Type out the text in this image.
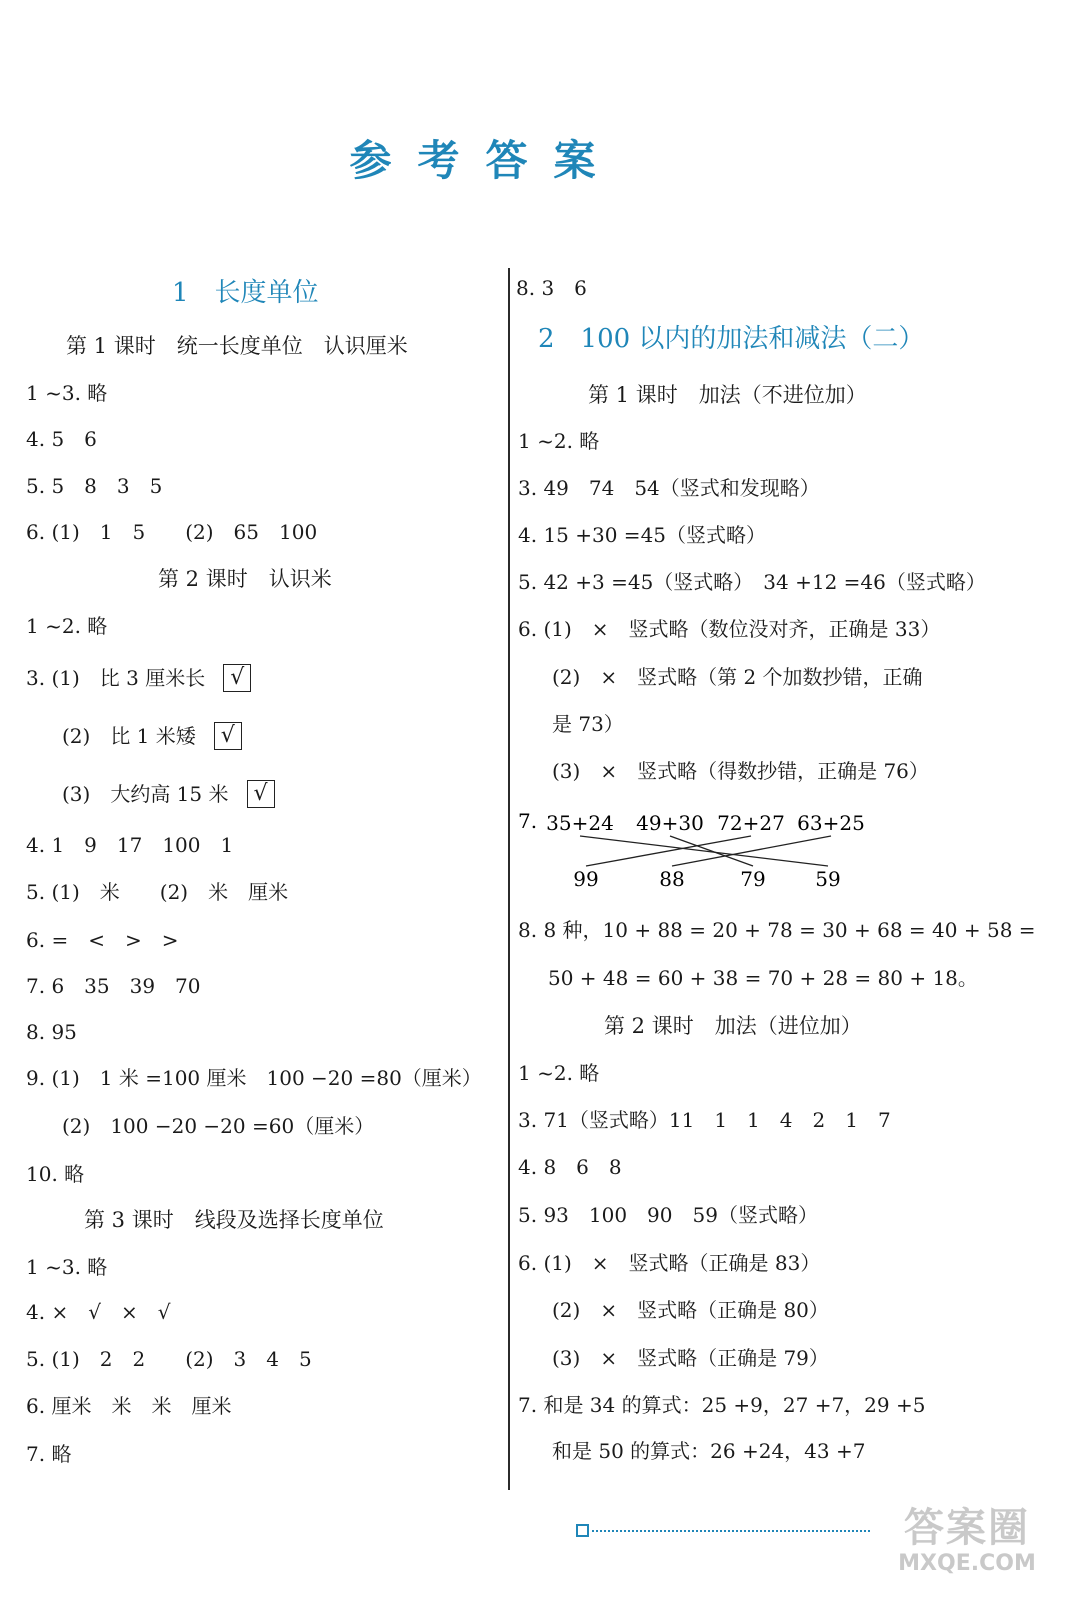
参考答案
1　长度单位
第 1 课时　统一长度单位　认识厘米
1 ~3. 略
4. 5　6
5. 5　8　3　5
6. (1)　1　5　　(2)　65　100
第 2 课时　认识米
1 ~2. 略
4. 1　9　17　100　1
5. (1)　米　　(2)　米　厘米
6. =　<　>　>
7. 6　35　39　70
8. 95
9. (1)　1 米 =100 厘米　100 −20 =80（厘米）
(2)　100 −20 −20 =60（厘米）
10. 略
第 3 课时　线段及选择长度单位
1 ~3. 略
4. ×　√　×　√
5. (1)　2　2　　(2)　3　4　5
6. 厘米　米　米　厘米
7. 略
3. (1)　比 3 厘米长 √
(2)　比 1 米矮 √
(3)　大约高 15 米 √
8. 3　6
2　100 以内的加法和减法（二）
第 1 课时　加法（不进位加）
1 ~2. 略
3. 49　74　54（竖式和发现略）
4. 15 +30 =45（竖式略）
5. 42 +3 =45（竖式略）　34 +12 =46（竖式略）
6. (1)　×　竖式略（数位没对齐，正确是 33）
(2)　×　竖式略（第 2 个加数抄错，正确
是 73）
(3)　×　竖式略（得数抄错，正确是 76）
8. 8 种，10 + 88 = 20 + 78 = 30 + 68 = 40 + 58 =
50 + 48 = 60 + 38 = 70 + 28 = 80 + 18。
第 2 课时　加法（进位加）
1 ~2. 略
3. 71（竖式略）11　1　1　4　2　1　7
4. 8　6　8
5. 93　100　90　59（竖式略）
6. (1)　×　竖式略（正确是 83）
(2)　×　竖式略（正确是 80）
(3)　×　竖式略（正确是 79）
7. 和是 34 的算式：25 +9，27 +7，29 +5
和是 50 的算式：26 +24，43 +7
7. 35+24 49+30 72+27 63+25
99	88	79 59
答案圈
MXQE.COM
